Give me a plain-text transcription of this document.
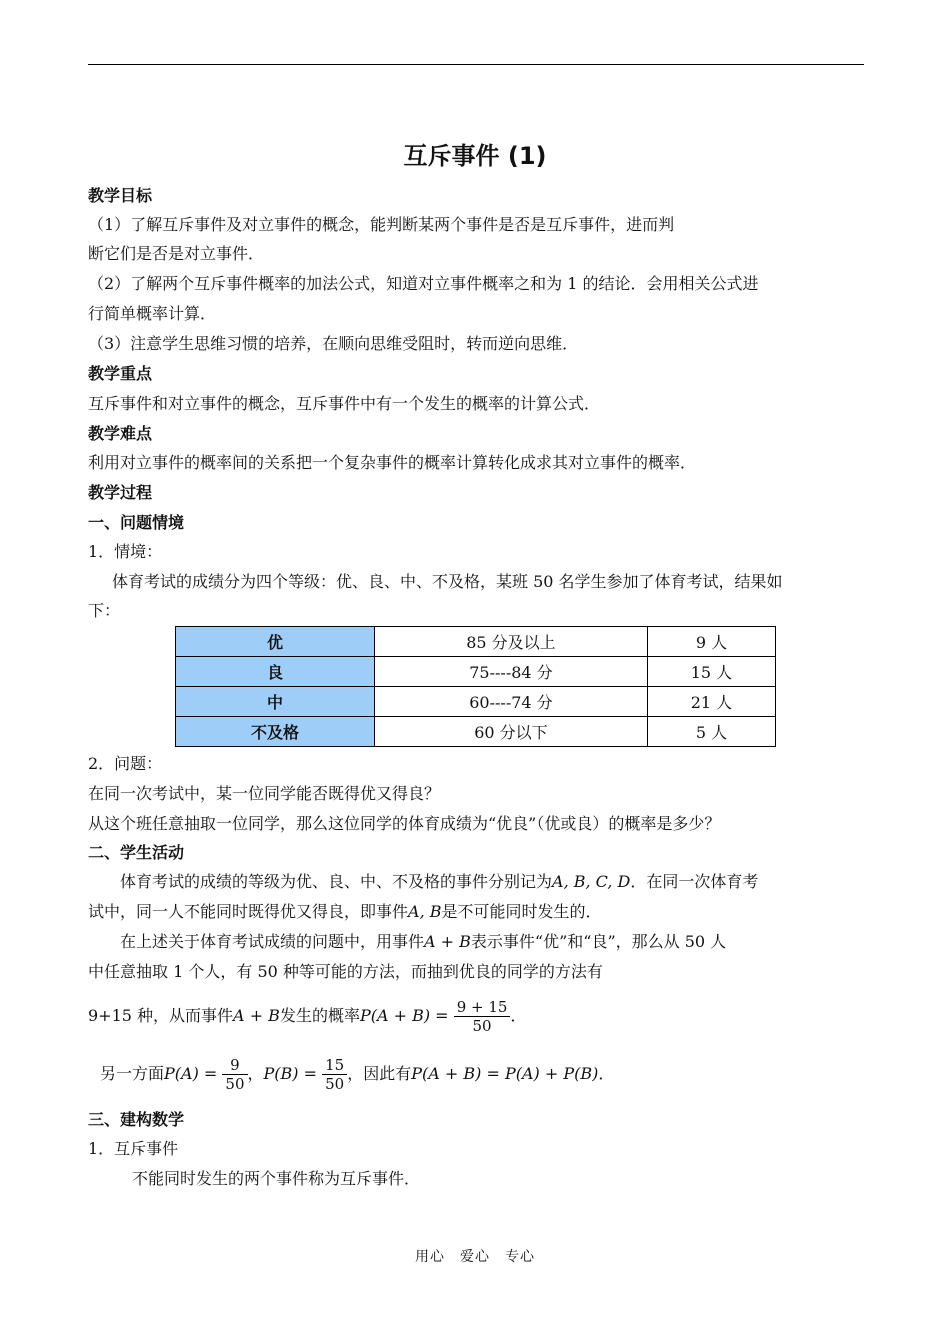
互斥事件 (1)
教学目标
（1）了解互斥事件及对立事件的概念，能判断某两个事件是否是互斥事件，进而判
断它们是否是对立事件．
（2）了解两个互斥事件概率的加法公式，知道对立事件概率之和为 1 的结论．会用相关公式进
行简单概率计算．
（3）注意学生思维习惯的培养，在顺向思维受阻时，转而逆向思维．
教学重点
互斥事件和对立事件的概念，互斥事件中有一个发生的概率的计算公式．
教学难点
利用对立事件的概率间的关系把一个复杂事件的概率计算转化成求其对立事件的概率．
教学过程
一、问题情境
1．情境：
体育考试的成绩分为四个等级：优、良、中、不及格，某班 50 名学生参加了体育考试，结果如
下：
优	85 分及以上	9 人
良	75----84 分	15 人
中	60----74 分	21 人
不及格	60 分以下	5 人
2．问题：
在同一次考试中，某一位同学能否既得优又得良？
从这个班任意抽取一位同学，那么这位同学的体育成绩为“优良”（优或良）的概率是多少？
二、学生活动
体育考试的成绩的等级为优、良、中、不及格的事件分别记为A, B, C, D．在同一次体育考
试中，同一人不能同时既得优又得良，即事件A, B是不可能同时发生的．
在上述关于体育考试成绩的问题中，用事件A + B表示事件“优”和“良”，那么从 50 人
中任意抽取 1 个人，有 50 种等可能的方法，而抽到优良的同学的方法有
9+15 种，从而事件A + B发生的概率$P(A + B) = \frac{9 + 15}{50}$ ．
另一方面$P(A) = \frac{9}{50}$ ，$P(B) = \frac{15}{50}$ ，因此有P(A + B) = P(A) + P(B)．
三、建构数学
1．互斥事件
不能同时发生的两个事件称为互斥事件．
用心　爱心　专心
